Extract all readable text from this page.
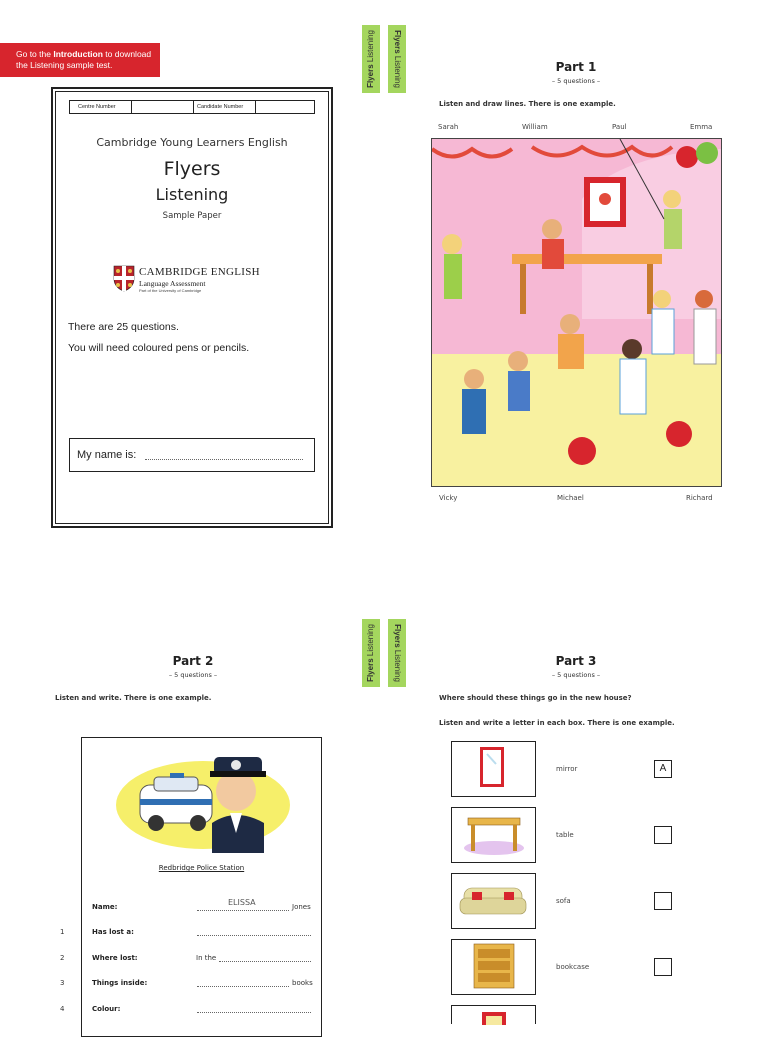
Go to the Introduction to download
the Listening sample test.
Centre Number	Candidate Number
Cambridge Young Learners English
Flyers
Listening
Sample Paper
CAMBRIDGE ENGLISH
Language Assessment
Part of the University of Cambridge
There are 25 questions.
You will need coloured pens or pencils.
My name is:
Flyers Listening	Flyers Listening	Part 1
– 5 questions –
Listen and draw lines. There is one example.
Sarah	William	Paul	Emma
Vicky	Michael	Richard
Flyers Listening	Flyers Listening
Part 2
– 5 questions –
Listen and write. There is one example.
Redbridge Police Station
Name:	ELISSA	Jones
1	Has lost a:
2	Where lost:	In the
3	Things inside:	books
4	Colour:
Part 3
– 5 questions –
Where should these things go in the new house?
Listen and write a letter in each box. There is one example.
mirror	A
table
sofa
bookcase
